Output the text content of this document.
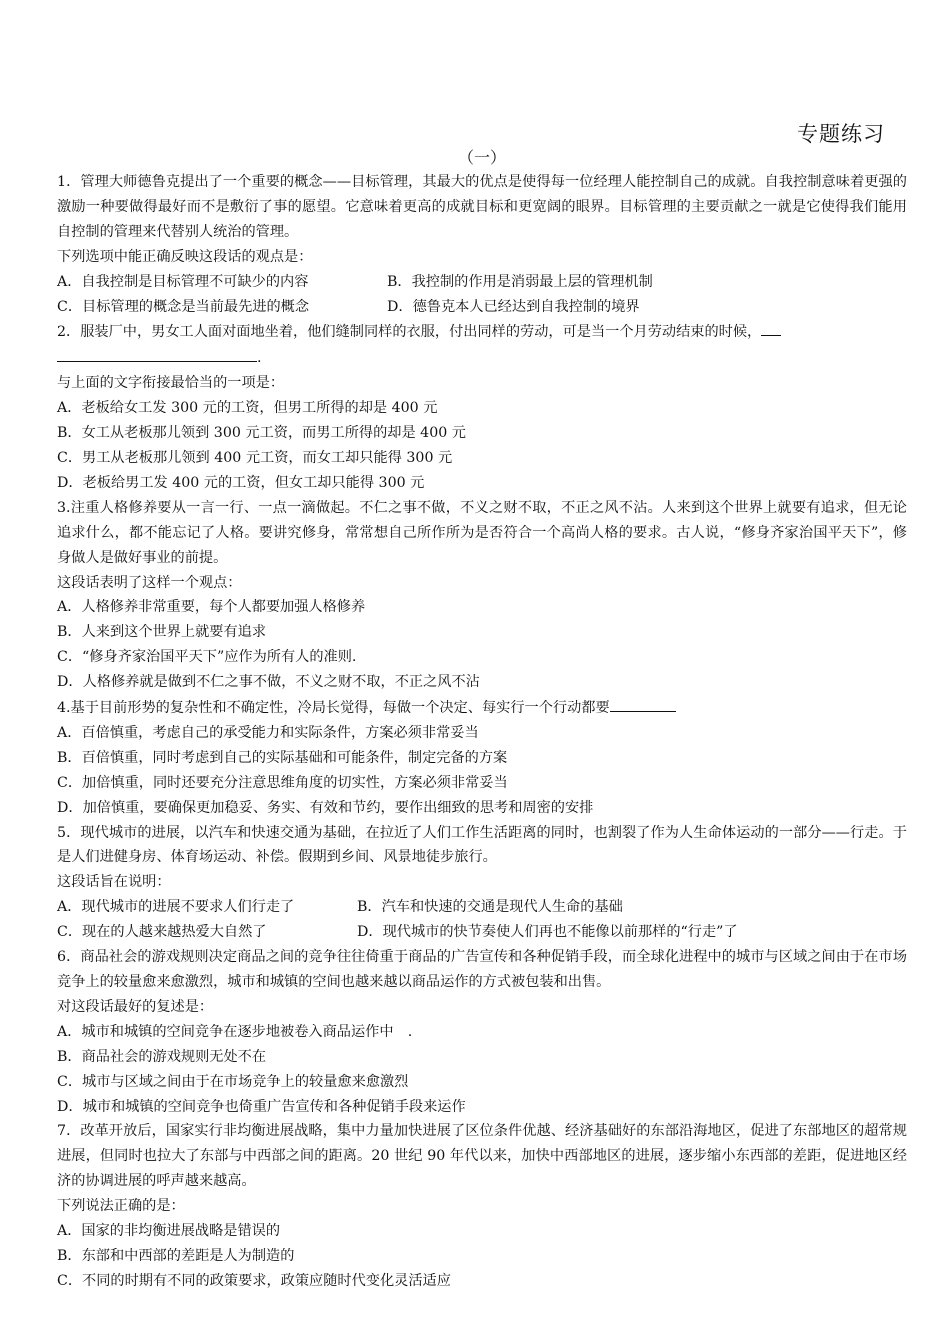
专题练习
（一）
1．管理大师德鲁克提出了一个重要的概念——目标管理，其最大的优点是使得每一位经理人能控制自己的成就。自我控制意味着更强的激励一种要做得最好而不是敷衍了事的愿望。它意味着更高的成就目标和更宽阔的眼界。目标管理的主要贡献之一就是它使得我们能用自控制的管理来代替别人统治的管理。
下列选项中能正确反映这段话的观点是：
A．自我控制是目标管理不可缺少的内容	B．我控制的作用是消弱最上层的管理机制
C．目标管理的概念是当前最先进的概念	D．德鲁克本人已经达到自我控制的境界
2．服装厂中，男女工人面对面地坐着，他们缝制同样的衣服，付出同样的劳动，可是当一个月劳动结束的时候，
.
与上面的文字衔接最恰当的一项是：
A．老板给女工发 300 元的工资，但男工所得的却是 400 元
B．女工从老板那儿领到 300 元工资，而男工所得的却是 400 元
C．男工从老板那儿领到 400 元工资，而女工却只能得 300 元
D．老板给男工发 400 元的工资，但女工却只能得 300 元
3.注重人格修养要从一言一行、一点一滴做起。不仁之事不做，不义之财不取，不正之风不沾。人来到这个世界上就要有追求，但无论追求什么，都不能忘记了人格。要讲究修身，常常想自己所作所为是否符合一个高尚人格的要求。古人说，“修身齐家治国平天下”，修身做人是做好事业的前提。
这段话表明了这样一个观点：
A．人格修养非常重要，每个人都要加强人格修养
B．人来到这个世界上就要有追求
C．“修身齐家治国平天下”应作为所有人的准则.
D．人格修养就是做到不仁之事不做，不义之财不取，不正之风不沾
4.基于目前形势的复杂性和不确定性，冷局长觉得，每做一个决定、每实行一个行动都要
A．百倍慎重，考虑自己的承受能力和实际条件，方案必须非常妥当
B．百倍慎重，同时考虑到自己的实际基础和可能条件，制定完备的方案
C．加倍慎重，同时还要充分注意思维角度的切实性，方案必须非常妥当
D．加倍慎重，要确保更加稳妥、务实、有效和节约，要作出细致的思考和周密的安排
5．现代城市的进展，以汽车和快速交通为基础，在拉近了人们工作生活距离的同时，也割裂了作为人生命体运动的一部分——行走。于是人们进健身房、体育场运动、补偿。假期到乡间、风景地徒步旅行。
这段话旨在说明：
A．现代城市的进展不要求人们行走了	B．汽车和快速的交通是现代人生命的基础
C．现在的人越来越热爱大自然了	D．现代城市的快节奏使人们再也不能像以前那样的“行走”了
6．商品社会的游戏规则决定商品之间的竞争往往倚重于商品的广告宣传和各种促销手段，而全球化进程中的城市与区域之间由于在市场竞争上的较量愈来愈激烈，城市和城镇的空间也越来越以商品运作的方式被包装和出售。
对这段话最好的复述是：
A．城市和城镇的空间竞争在逐步地被卷入商品运作中　.
B．商品社会的游戏规则无处不在
C．城市与区域之间由于在市场竞争上的较量愈来愈激烈
D．城市和城镇的空间竞争也倚重广告宣传和各种促销手段来运作
7．改革开放后，国家实行非均衡进展战略，集中力量加快进展了区位条件优越、经济基础好的东部沿海地区，促进了东部地区的超常规进展，但同时也拉大了东部与中西部之间的距离。20 世纪 90 年代以来，加快中西部地区的进展，逐步缩小东西部的差距，促进地区经济的协调进展的呼声越来越高。
下列说法正确的是：
A．国家的非均衡进展战略是错误的
B．东部和中西部的差距是人为制造的
C．不同的时期有不同的政策要求，政策应随时代变化灵活适应
